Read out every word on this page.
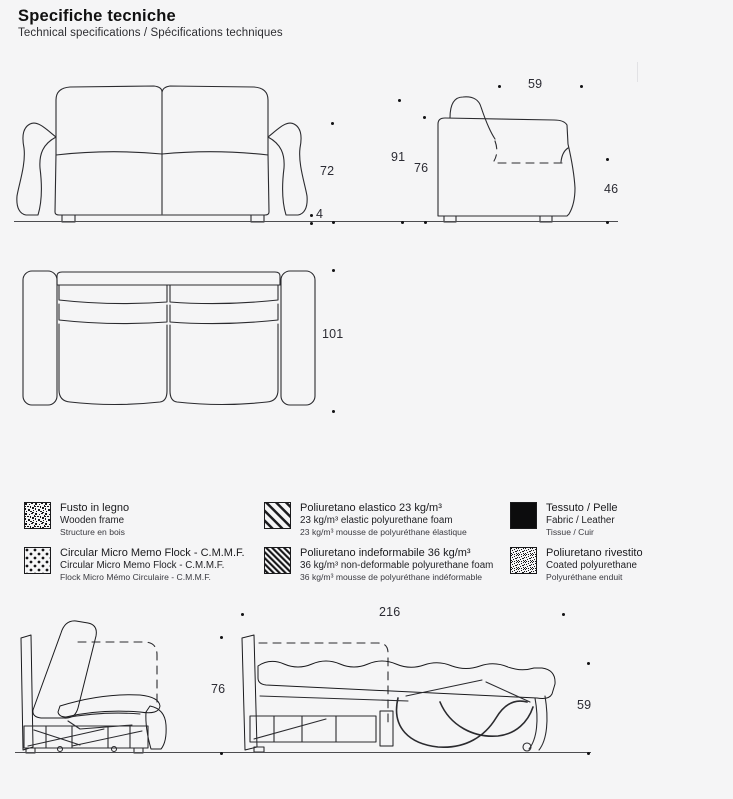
Specifiche tecniche
Technical specifications / Spécifications techniques
Fusto in legno
Wooden frame
Structure en bois
Poliuretano elastico 23 kg/m³
23 kg/m³ elastic polyurethane foam
23 kg/m³ mousse de polyuréthane élastique
Tessuto / Pelle
Fabric / Leather
Tissue / Cuir
Circular Micro Memo Flock - C.M.M.F.
Circular Micro Memo Flock - C.M.M.F.
Flock Micro Mémo Circulaire - C.M.M.F.
Poliuretano indeformabile 36 kg/m³
36 kg/m³ non-deformable polyurethane foam
36 kg/m³ mousse de polyuréthane indéformable
Poliuretano rivestito
Coated polyurethane
Polyuréthane enduit
72
4
91
76
59
46
101
216
76
59
